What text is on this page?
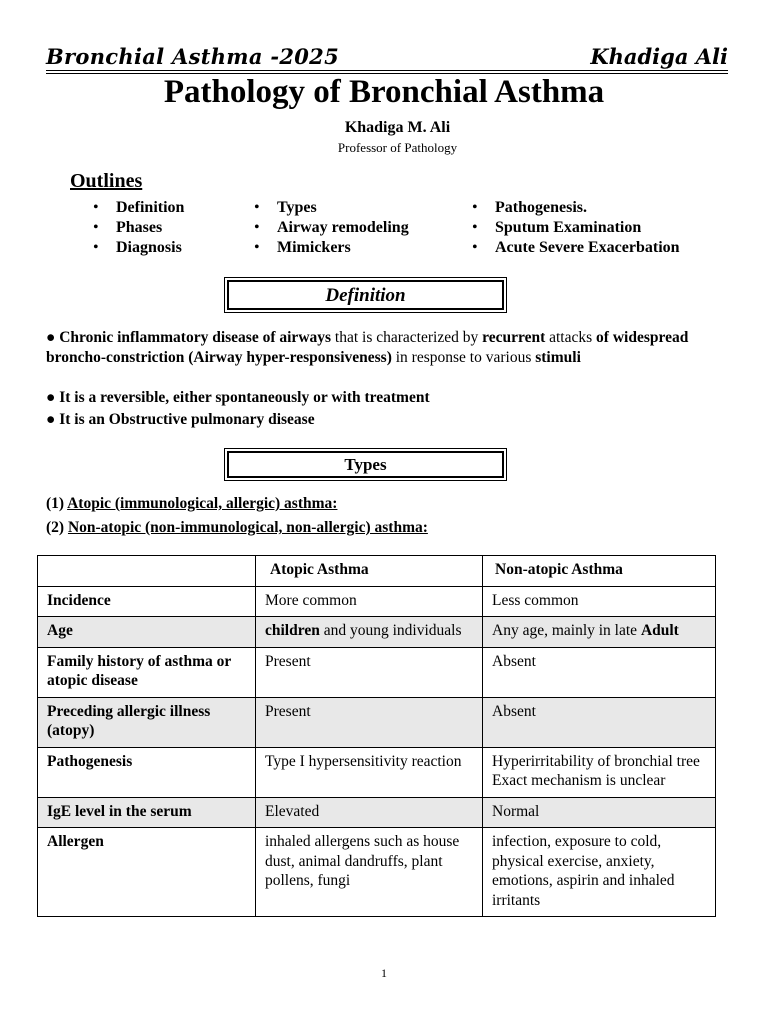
Bronchial Asthma -2025	Khadiga Ali
Pathology of Bronchial Asthma
Khadiga M. Ali
Professor of Pathology
Outlines
• Definition
• Phases
• Diagnosis
• Types
• Airway remodeling
• Mimickers
• Pathogenesis.
• Sputum Examination
• Acute Severe Exacerbation
Definition
● Chronic inflammatory disease of airways that is characterized by recurrent attacks of widespread broncho-constriction (Airway hyper-responsiveness) in response to various stimuli
● It is a reversible, either spontaneously or with treatment
● It is an Obstructive pulmonary disease
Types
(1) Atopic (immunological, allergic) asthma:
(2) Non-atopic (non-immunological, non-allergic) asthma:
	Atopic Asthma	Non-atopic Asthma
Incidence	More common	Less common
Age	children and young individuals	Any age, mainly in late Adult
Family history of asthma or atopic disease	Present	Absent
Preceding allergic illness (atopy)	Present	Absent
Pathogenesis	Type I hypersensitivity reaction	Hyperirritability of bronchial tree
Exact mechanism is unclear

IgE level in the serum	Elevated	Normal
Allergen	inhaled allergens such as house dust, animal dandruffs, plant pollens, fungi	infection, exposure to cold, physical exercise, anxiety, emotions, aspirin and inhaled irritants
1
